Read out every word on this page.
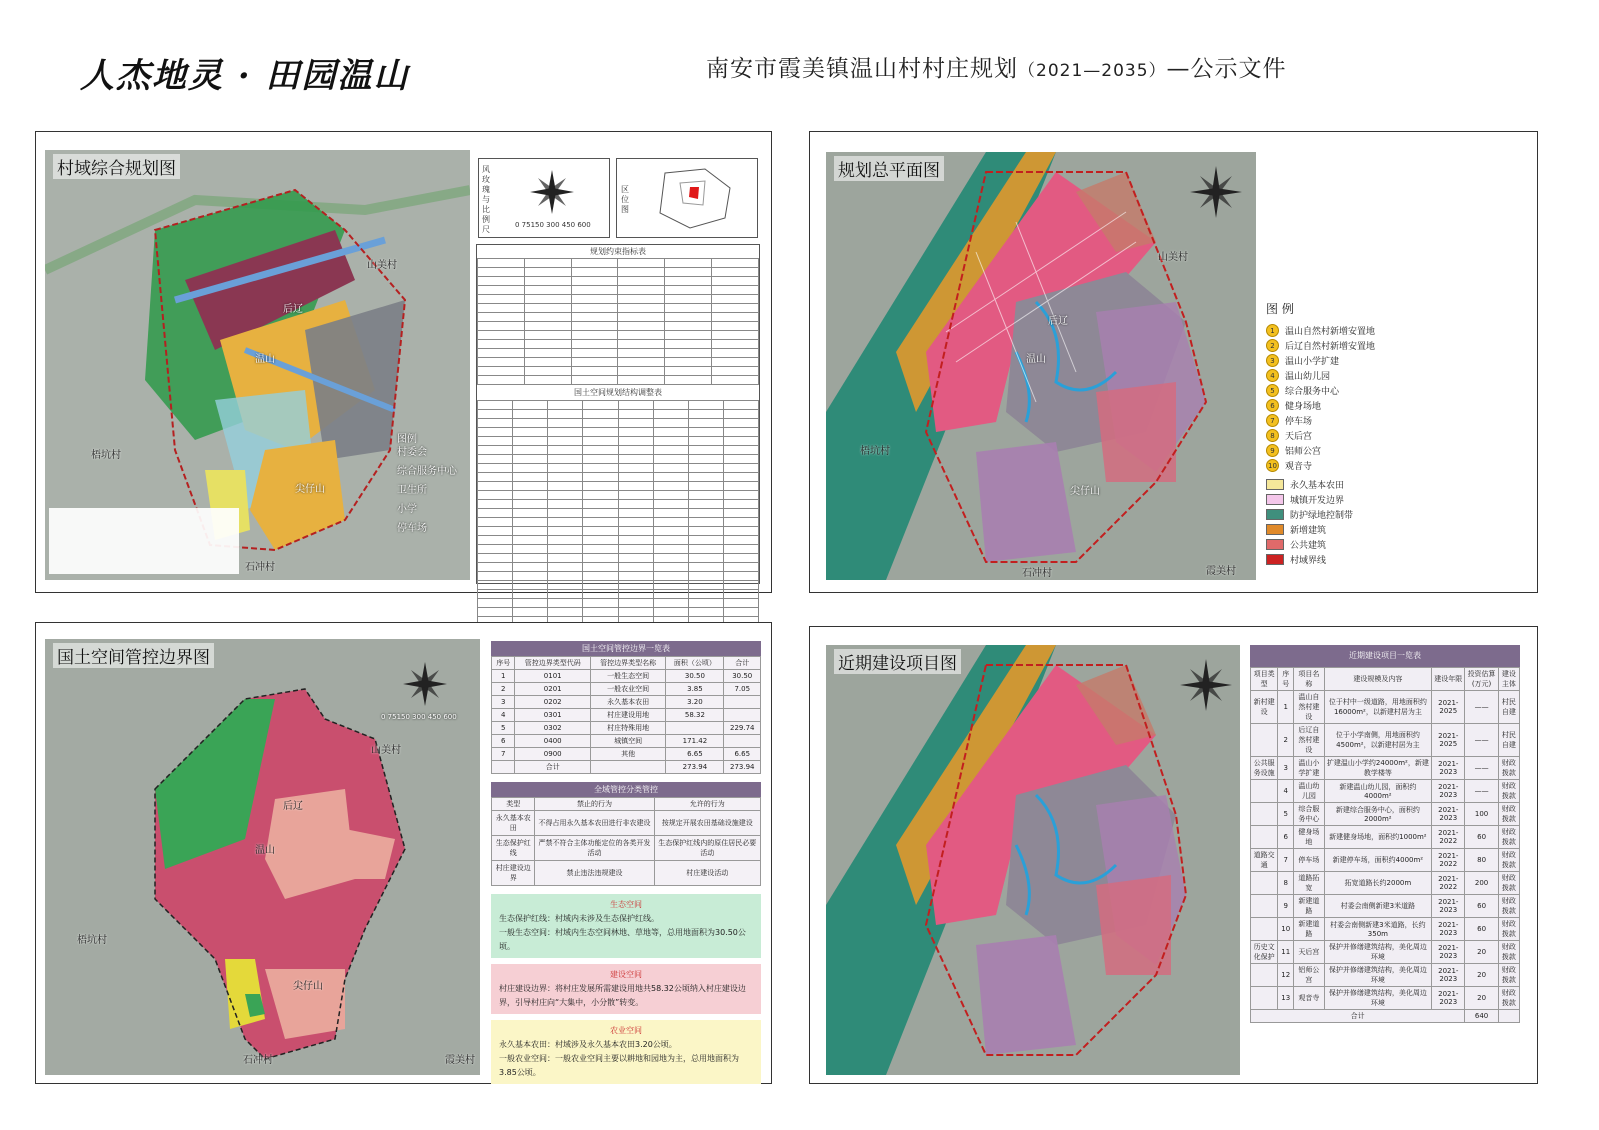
人杰地灵 · 田园温山	南安市霞美镇温山村村庄规划（2021—2035）—公示文件
村域综合规划图
山美村
梧坑村
石冲村
后辽
温山
尖仔山
图例
村委会
综合服务中心
卫生所
小学
停车场
风玫瑰与比例尺	0 75150 300 450 600
区位图
规划约束指标表

国土空间规划结构调整表

规划总平面图
山美村
梧坑村
石冲村
后辽
温山
尖仔山
霞美村
图 例
1	温山自然村新增安置地
2	后辽自然村新增安置地
3	温山小学扩建
4	温山幼儿园
5	综合服务中心
6	健身场地
7	停车场
8	天后宫
9	铝师公宫
10 观音寺
永久基本农田
城镇开发边界
防护绿地控制带
新增建筑
公共建筑
村域界线
国土空间管控边界图
山美村
梧坑村
后辽
温山
尖仔山
石冲村	霞美村
0 75150 300 450 600
国土空间管控边界一览表
序号	管控边界类型代码	管控边界类型名称	面积（公顷）	合计
1	0101	一般生态空间	30.50	30.50
2	0201	一般农业空间	3.85	7.05
3	0202	永久基本农田	3.20	
4	0301	村庄建设用地	58.32	
5	0302	村庄特殊用地		229.74
6	0400	城镇空间	171.42	
7	0900	其他	6.65	6.65
	合计		273.94	273.94
全域管控分类管控
类型	禁止的行为	允许的行为
永久基本农田	不得占用永久基本农田进行非农建设	按规定开展农田基础设施建设
生态保护红线	严禁不符合主体功能定位的各类开发活动	生态保护红线内的原住居民必要活动
村庄建设边界	禁止违法违规建设	村庄建设活动
生态空间
生态保护红线：村域内未涉及生态保护红线。
一般生态空间：村域内生态空间林地、草地等，总用地面积为30.50公顷。
建设空间
村庄建设边界：将村庄发展所需建设用地共58.32公顷纳入村庄建设边界，引导村庄向“大集中，小分散”转变。
农业空间
永久基本农田：村域涉及永久基本农田3.20公顷。
一般农业空间：一般农业空间主要以耕地和园地为主，总用地面积为3.85公顷。
近期建设项目图	近期建设项目一览表
项目类型	序号	项目名称	建设规模及内容	建设年限	投资估算(万元)	建设主体
新村建设	1	温山自然村建设	位于村中一级道路，用地面积约16000m²，以新建村居为主	2021-2025	——	村民自建
	2	后辽自然村建设	位于小学南侧，用地面积约4500m²，以新建村居为主	2021-2025	——	村民自建
公共服务设施	3	温山小学扩建	扩建温山小学约24000m²，新建教学楼等	2021-2023	——	财政拨款
	4	温山幼儿园	新建温山幼儿园，面积约4000m²	2021-2023	——	财政拨款
	5	综合服务中心	新建综合服务中心，面积约2000m²	2021-2023	100	财政拨款
	6	健身场地	新建健身场地，面积约1000m²	2021-2022	60	财政拨款
道路交通	7	停车场	新建停车场，面积约4000m²	2021-2022	80	财政拨款
	8	道路拓宽	拓宽道路长约2000m	2021-2022	200	财政拨款
	9	新建道路	村委会南侧新建3米道路	2021-2023	60	财政拨款
	10	新建道路	村委会南侧新建3米道路，长约350m	2021-2023	60	财政拨款
历史文化保护	11	天后宫	保护并修缮建筑结构，美化周边环境	2021-2023	20	财政拨款
	12	铝师公宫	保护并修缮建筑结构，美化周边环境	2021-2023	20	财政拨款
	13	观音寺	保护并修缮建筑结构，美化周边环境	2021-2023	20	财政拨款
合计					640	
